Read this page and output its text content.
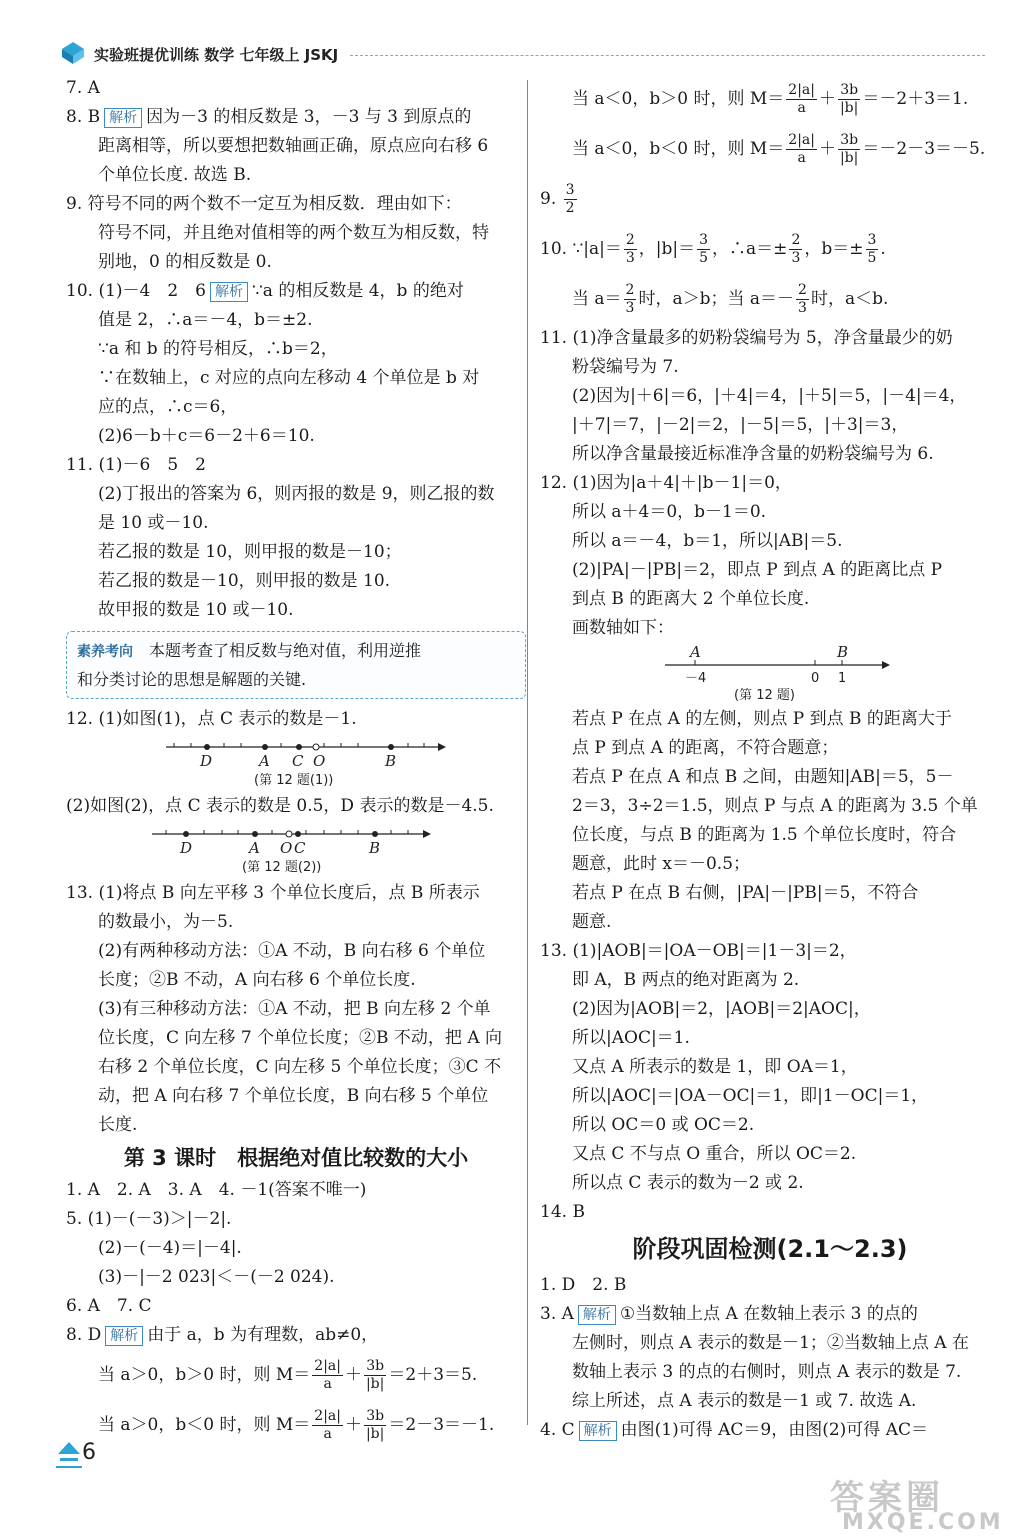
实验班提优训练 数学 七年级上 JSKJ
7. A
8. B 解析 因为－3 的相反数是 3，－3 与 3 到原点的
距离相等，所以要想把数轴画正确，原点应向右移 6
个单位长度. 故选 B.
9. 符号不同的两个数不一定互为相反数．理由如下：
符号不同，并且绝对值相等的两个数互为相反数，特
别地，0 的相反数是 0.
10. (1)－4　2　6 解析 ∵a 的相反数是 4，b 的绝对
值是 2，∴a＝－4，b＝±2.
∵a 和 b 的符号相反，∴b＝2，
∵在数轴上，c 对应的点向左移动 4 个单位是 b 对
应的点，∴c＝6，
(2)6－b＋c＝6－2＋6＝10.
11. (1)－6　5　2
(2)丁报出的答案为 6，则丙报的数是 9，则乙报的数
是 10 或－10.
若乙报的数是 10，则甲报的数是－10；
若乙报的数是－10，则甲报的数是 10.
故甲报的数是 10 或－10.
素养考向　 本题考查了相反数与绝对值，利用逆推
和分类讨论的思想是解题的关键.
12. (1)如图(1)，点 C 表示的数是－1.
D	A C O	B
(第 12 题(1))
(2)如图(2)，点 C 表示的数是 0.5，D 表示的数是－4.5.
D	A O C	B
(第 12 题(2))
13. (1)将点 B 向左平移 3 个单位长度后，点 B 所表示
的数最小，为－5.
(2)有两种移动方法：①A 不动，B 向右移 6 个单位
长度；②B 不动，A 向右移 6 个单位长度.
(3)有三种移动方法：①A 不动，把 B 向左移 2 个单
位长度，C 向左移 7 个单位长度；②B 不动，把 A 向
右移 2 个单位长度，C 向左移 5 个单位长度；③C 不
动，把 A 向右移 7 个单位长度，B 向右移 5 个单位
长度.
第 3 课时　根据绝对值比较数的大小
1. A　2. A　3. A　4. －1(答案不唯一)
5. (1)－(－3)＞|－2|.
(2)－(－4)＝|－4|.
(3)－|－2 023|＜－(－2 024).
6. A　7. C
8. D 解析 由于 a，b 为有理数，ab≠0，
当 a＞0，b＞0 时，则 $M= \frac{2|a|}{a} + \frac{3b}{|b|} =2+3=5$.
当 a＞0，b＜0 时，则 $M= \frac{2|a|}{a} + \frac{3b}{|b|} =2-3=-1$.
当 a＜0，b＞0 时，则 $M= \frac{2|a|}{a} + \frac{3b}{|b|} =-2+3=1$.
当 a＜0，b＜0 时，则 $M= \frac{2|a|}{a} + \frac{3b}{|b|} =-2-3=-5$.
9. $\frac{3}{2}$
10. ∵|a|＝ $\frac{2}{3}$ ，$|b|= \frac{3}{5}$ ，∴a＝± $\frac{2}{3}$ ，$b=\pm \frac{3}{5}$ .
当 $a= \frac{2}{3}$ 时，a＞b；当 $a=- \frac{2}{3}$ 时，a＜b.
11. (1)净含量最多的奶粉袋编号为 5，净含量最少的奶
粉袋编号为 7.
(2)因为|＋6|＝6，|＋4|＝4，|＋5|＝5，|－4|＝4，
|＋7|＝7，|－2|＝2，|－5|＝5，|＋3|＝3，
所以净含量最接近标准净含量的奶粉袋编号为 6.
12. (1)因为|a＋4|＋|b－1|＝0，
所以 a＋4＝0，b－1＝0.
所以 a＝－4，b＝1，所以|AB|＝5.
(2)|PA|－|PB|＝2，即点 P 到点 A 的距离比点 P
到点 B 的距离大 2 个单位长度.
画数轴如下：
A	B
－4	0 1
(第 12 题)
若点 P 在点 A 的左侧，则点 P 到点 B 的距离大于
点 P 到点 A 的距离，不符合题意；
若点 P 在点 A 和点 B 之间，由题知|AB|＝5，5－
2＝3，3÷2＝1.5，则点 P 与点 A 的距离为 3.5 个单
位长度，与点 B 的距离为 1.5 个单位长度时，符合
题意，此时 x＝－0.5；
若点 P 在点 B 右侧，|PA|－|PB|＝5，不符合
题意.
13. (1)|AOB|＝|OA－OB|＝|1－3|＝2，
即 A，B 两点的绝对距离为 2.
(2)因为|AOB|＝2，|AOB|＝2|AOC|，
所以|AOC|＝1.
又点 A 所表示的数是 1，即 OA＝1，
所以|AOC|＝|OA－OC|＝1，即|1－OC|＝1，
所以 OC＝0 或 OC＝2.
又点 C 不与点 O 重合，所以 OC＝2.
所以点 C 表示的数为－2 或 2.
14. B
阶段巩固检测(2.1～2.3)
1. D　2. B
3. A 解析 ①当数轴上点 A 在数轴上表示 3 的点的
左侧时，则点 A 表示的数是－1；②当数轴上点 A 在
数轴上表示 3 的点的右侧时，则点 A 表示的数是 7.
综上所述，点 A 表示的数是－1 或 7. 故选 A.
4. C 解析 由图(1)可得 AC＝9，由图(2)可得 AC＝
6
答案圈
MXQE.COM
